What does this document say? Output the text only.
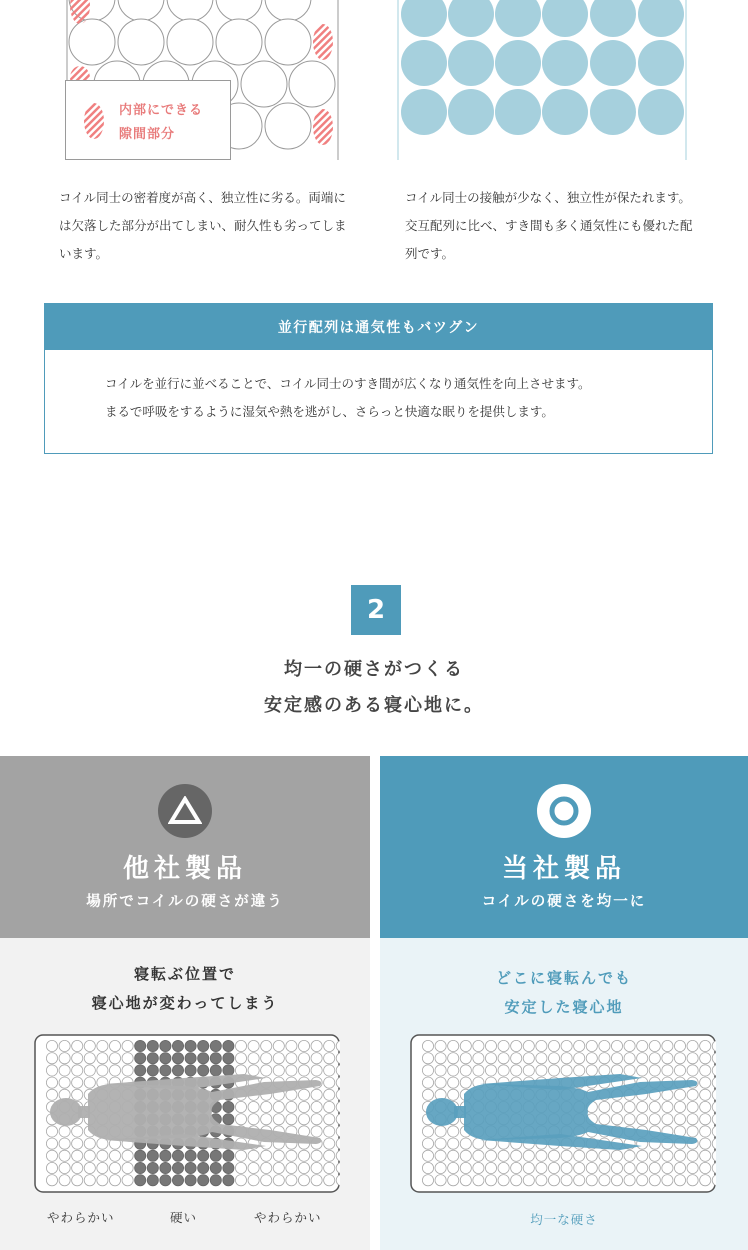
内部にできる
隙間部分

コイル同士の密着度が高く、独立性に劣る。両端には欠落した部分が出てしまい、耐久性も劣ってしまいます。

コイル同士の接触が少なく、独立性が保たれます。交互配列に比べ、すき間も多く通気性にも優れた配列です。

並行配列は通気性もバツグン
コイルを並行に並べることで、コイル同士のすき間が広くなり通気性を向上させます。
まるで呼吸をするように湿気や熱を逃がし、さらっと快適な眠りを提供します。
2
均一の硬さがつくる
安定感のある寝心地に。
他社製品
場所でコイルの硬さが違う
寝転ぶ位置で
寝心地が変わってしまう
やわらかい	硬い	やわらかい
当社製品
コイルの硬さを均一に
どこに寝転んでも
安定した寝心地
均一な硬さ
